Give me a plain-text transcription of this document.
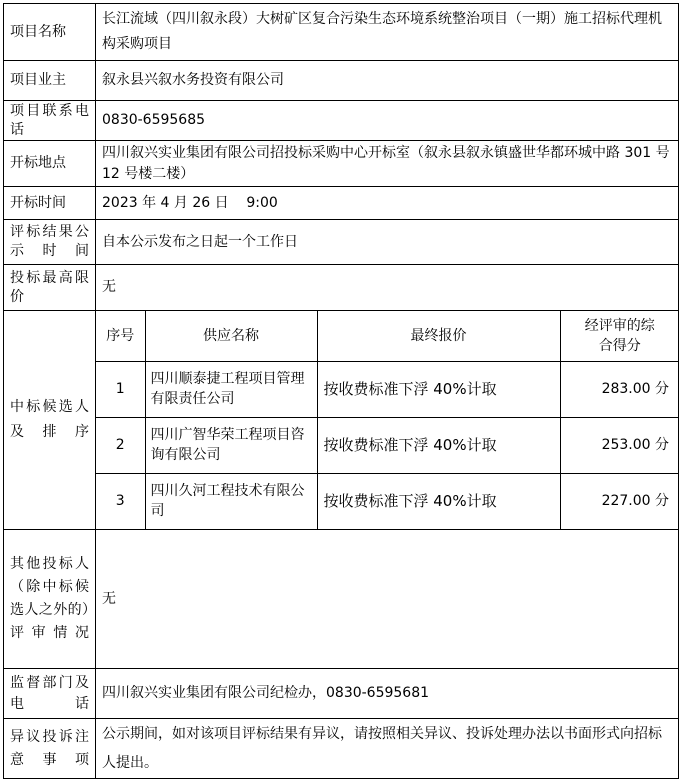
项目名称	长江流域（四川叙永段）大树矿区复合污染生态环境系统整治项目（一期）施工招标代理机构采购项目
项目业主	叙永县兴叙水务投资有限公司
项目联系电话	0830-6595685
开标地点	四川叙兴实业集团有限公司招投标采购中心开标室（叙永县叙永镇盛世华都环城中路 301 号 12 号楼二楼）
开标时间	2023 年 4 月 26 日    9:00
评标结果公示时间	自本公示发布之日起一个工作日
投标最高限价	无
中标候选人及排序	
序号	供应名称	最终报价	经评审的综合得分
1	四川顺泰捷工程项目管理有限责任公司	按收费标准下浮 40%计取	283.00 分
2	四川广智华荣工程项目咨询有限公司	按收费标准下浮 40%计取	253.00 分
3	四川久河工程技术有限公司	按收费标准下浮 40%计取	227.00 分

其他投标人（除中标候选人之外的）评审情况	无
监督部门及电话	四川叙兴实业集团有限公司纪检办，0830-6595681
异议投诉注意事项	公示期间，如对该项目评标结果有异议，请按照相关异议、投诉处理办法以书面形式向招标人提出。
